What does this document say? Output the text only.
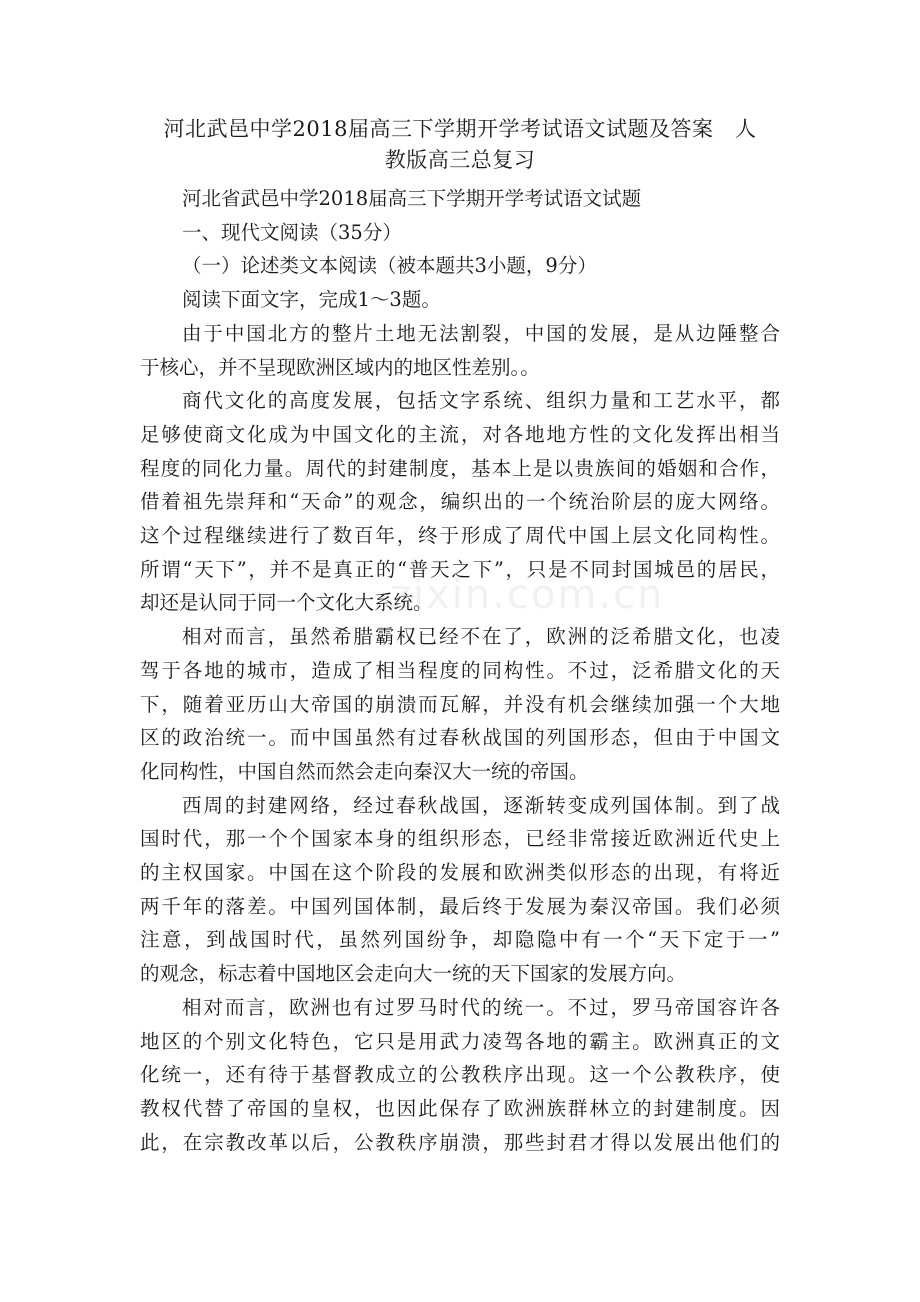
zixin.com.cn
河北武邑中学2018届高三下学期开学考试语文试题及答案　人
教版高三总复习

河北省武邑中学2018届高三下学期开学考试语文试题

一、现代文阅读（35分）

（一）论述类文本阅读（被本题共3小题，9分）

阅读下面文字，完成1～3题。

由于中国北方的整片土地无法割裂，中国的发展，是从边陲整合
于核心，并不呈现欧洲区域内的地区性差别。。
商代文化的高度发展，包括文字系统、组织力量和工艺水平，都
足够使商文化成为中国文化的主流，对各地地方性的文化发挥出相当
程度的同化力量。周代的封建制度，基本上是以贵族间的婚姻和合作，
借着祖先崇拜和“天命”的观念，编织出的一个统治阶层的庞大网络。
这个过程继续进行了数百年，终于形成了周代中国上层文化同构性。
所谓“天下”，并不是真正的“普天之下”，只是不同封国城邑的居民，
却还是认同于同一个文化大系统。
相对而言，虽然希腊霸权已经不在了，欧洲的泛希腊文化，也凌
驾于各地的城市，造成了相当程度的同构性。不过，泛希腊文化的天
下，随着亚历山大帝国的崩溃而瓦解，并没有机会继续加强一个大地
区的政治统一。而中国虽然有过春秋战国的列国形态，但由于中国文
化同构性，中国自然而然会走向秦汉大一统的帝国。
西周的封建网络，经过春秋战国，逐渐转变成列国体制。到了战
国时代，那一个个国家本身的组织形态，已经非常接近欧洲近代史上
的主权国家。中国在这个阶段的发展和欧洲类似形态的出现，有将近
两千年的落差。中国列国体制，最后终于发展为秦汉帝国。我们必须
注意，到战国时代，虽然列国纷争，却隐隐中有一个“天下定于一”
的观念，标志着中国地区会走向大一统的天下国家的发展方向。
相对而言，欧洲也有过罗马时代的统一。不过，罗马帝国容许各
地区的个别文化特色，它只是用武力凌驾各地的霸主。欧洲真正的文
化统一，还有待于基督教成立的公教秩序出现。这一个公教秩序，使
教权代替了帝国的皇权，也因此保存了欧洲族群林立的封建制度。因
此，在宗教改革以后，公教秩序崩溃，那些封君才得以发展出他们的
